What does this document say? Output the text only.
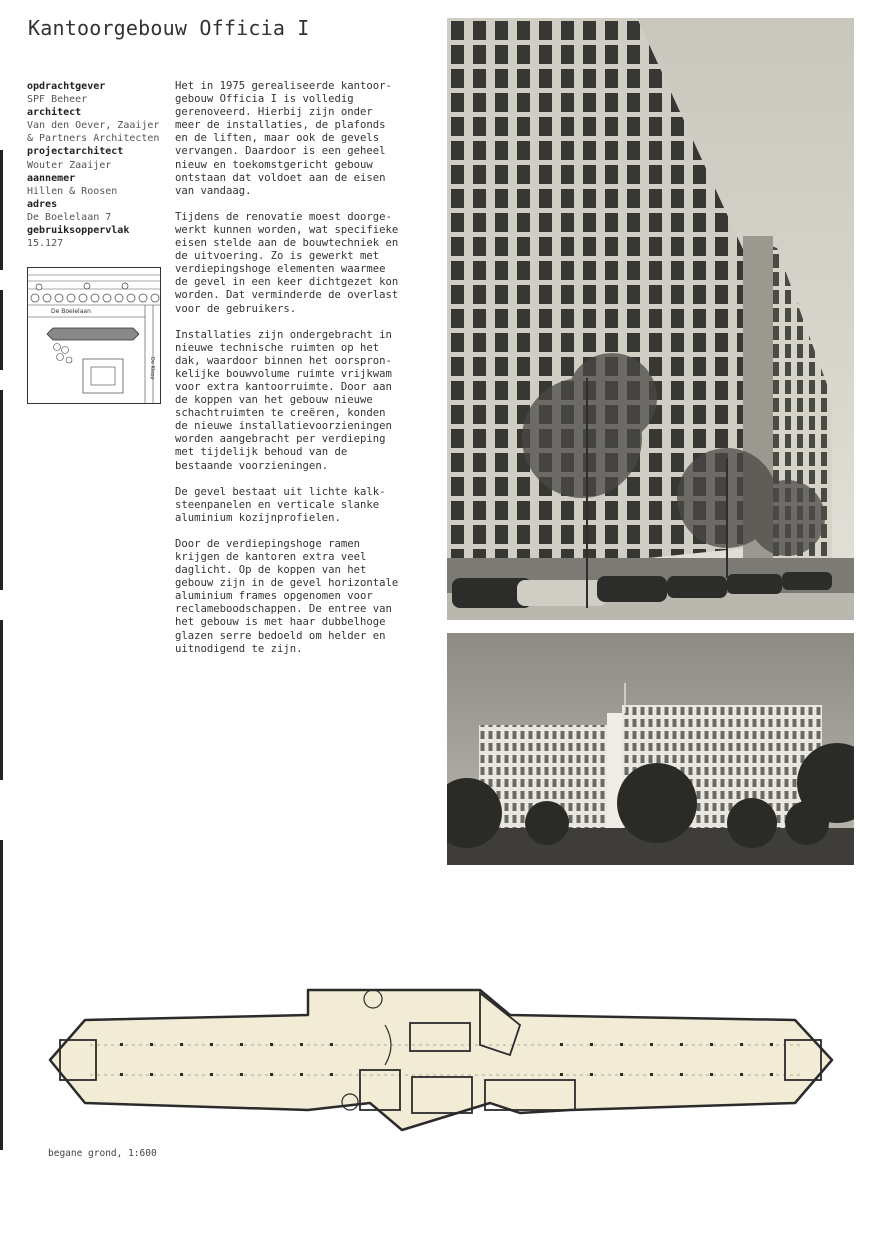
Kantoorgebouw Officia I
opdrachtgever
SPF Beheer
architect
Van den Oever, Zaaijer & Partners Architecten
projectarchitect
Wouter Zaaijer
aannemer
Hillen & Roosen
adres
De Boelelaan 7
gebruiksoppervlak
15.127
De Boelelaan
De Klopp

Het in 1975 gerealiseerde kantoor-
gebouw Officia I is volledig
gerenoveerd. Hierbij zijn onder
meer de installaties, de plafonds
en de liften, maar ook de gevels
vervangen. Daardoor is een geheel
nieuw en toekomstgericht gebouw
ontstaan dat voldoet aan de eisen
van vandaag.

Tijdens de renovatie moest doorge-
werkt kunnen worden, wat specifieke
eisen stelde aan de bouwtechniek en
de uitvoering. Zo is gewerkt met
verdiepingshoge elementen waarmee
de gevel in een keer dichtgezet kon
worden. Dat verminderde de overlast
voor de gebruikers.

Installaties zijn ondergebracht in
nieuwe technische ruimten op het
dak, waardoor binnen het oorspron-
kelijke bouwvolume ruimte vrijkwam
voor extra kantoorruimte. Door aan
de koppen van het gebouw nieuwe
schachtruimten te creëren, konden
de nieuwe installatievoorzieningen
worden aangebracht per verdieping
met tijdelijk behoud van de
bestaande voorzieningen.

De gevel bestaat uit lichte kalk-
steenpanelen en verticale slanke
aluminium kozijnprofielen.

Door de verdiepingshoge ramen
krijgen de kantoren extra veel
daglicht. Op de koppen van het
gebouw zijn in de gevel horizontale
aluminium frames opgenomen voor
reclameboodschappen. De entree van
het gebouw is met haar dubbelhoge
glazen serre bedoeld om helder en
uitnodigend te zijn.

begane grond, 1:600
